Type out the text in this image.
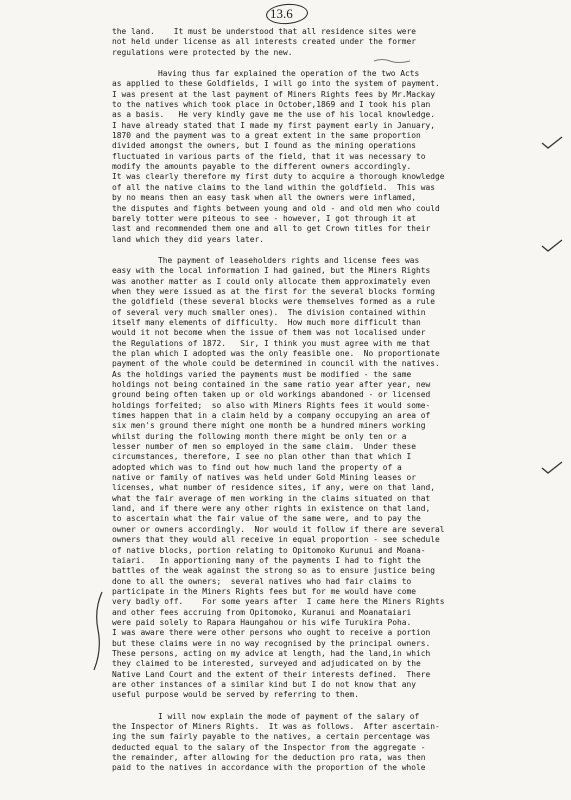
13.6

the land.    It must be understood that all residence sites were

not held under license as all interests created under the former

regulations were protected by the new.

Having thus far explained the operation of the two Acts

as applied to these Goldfields, I will go into the system of payment.

I was present at the last payment of Miners Rights fees by Mr.Mackay

to the natives which took place in October,1869 and I took his plan

as a basis.   He very kindly gave me the use of his local knowledge.

I have already stated that I made my first payment early in January,

1870 and the payment was to a great extent in the same proportion

divided amongst the owners, but I found as the mining operations

fluctuated in various parts of the field, that it was necessary to

modify the amounts payable to the different owners accordingly.

It was clearly therefore my first duty to acquire a thorough knowledge

of all the native claims to the land within the goldfield.  This was

by no means then an easy task when all the owners were inflamed,

the disputes and fights between young and old - and old men who could

barely totter were piteous to see - however, I got through it at

last and recommended them one and all to get Crown titles for their

land which they did years later.

The payment of leaseholders rights and license fees was

easy with the local information I had gained, but the Miners Rights

was another matter as I could only allocate them approximately even

when they were issued as at the first for the several blocks forming

the goldfield (these several blocks were themselves formed as a rule

of several very much smaller ones).  The division contained within

itself many elements of difficulty.  How much more difficult than

would it not become when the issue of them was not localised under

the Regulations of 1872.   Sir, I think you must agree with me that

the plan which I adopted was the only feasible one.  No proportionate

payment of the whole could be determined in council with the natives.

As the holdings varied the payments must be modified - the same

holdings not being contained in the same ratio year after year, new

ground being often taken up or old workings abandoned - or licensed

holdings forfeited;  so also with Miners Rights fees it would some-

times happen that in a claim held by a company occupying an area of

six men's ground there might one month be a hundred miners working

whilst during the following month there might be only ten or a

lesser number of men so employed in the same claim.  Under these

circumstances, therefore, I see no plan other than that which I

adopted which was to find out how much land the property of a

native or family of natives was held under Gold Mining leases or

licenses, what number of residence sites, if any, were on that land,

what the fair average of men working in the claims situated on that

land, and if there were any other rights in existence on that land,

to ascertain what the fair value of the same were, and to pay the

owner or owners accordingly.  Nor would it follow if there are several

owners that they would all receive in equal proportion - see schedule

of native blocks, portion relating to Opitomoko Kurunui and Moana-

taiari.   In apportioning many of the payments I had to fight the

battles of the weak against the strong so as to ensure justice being

done to all the owners;  several natives who had fair claims to

participate in the Miners Rights fees but for me would have come

very badly off.    For some years after  I came here the Miners Rights

and other fees accruing from Opitomoko, Kuranui and Moanataiari

were paid solely to Rapara Haungahou or his wife Turukira Poha.

I was aware there were other persons who ought to receive a portion

but these claims were in no way recognised by the principal owners.

These persons, acting on my advice at length, had the land,in which

they claimed to be interested, surveyed and adjudicated on by the

Native Land Court and the extent of their interests defined.  There

are other instances of a similar kind but I do not know that any

useful purpose would be served by referring to them.

I will now explain the mode of payment of the salary of

the Inspector of Miners Rights.  It was as follows.  After ascertain-

ing the sum fairly payable to the natives, a certain percentage was

deducted equal to the salary of the Inspector from the aggregate -

the remainder, after allowing for the deduction pro rata, was then

paid to the natives in accordance with the proportion of the whole
